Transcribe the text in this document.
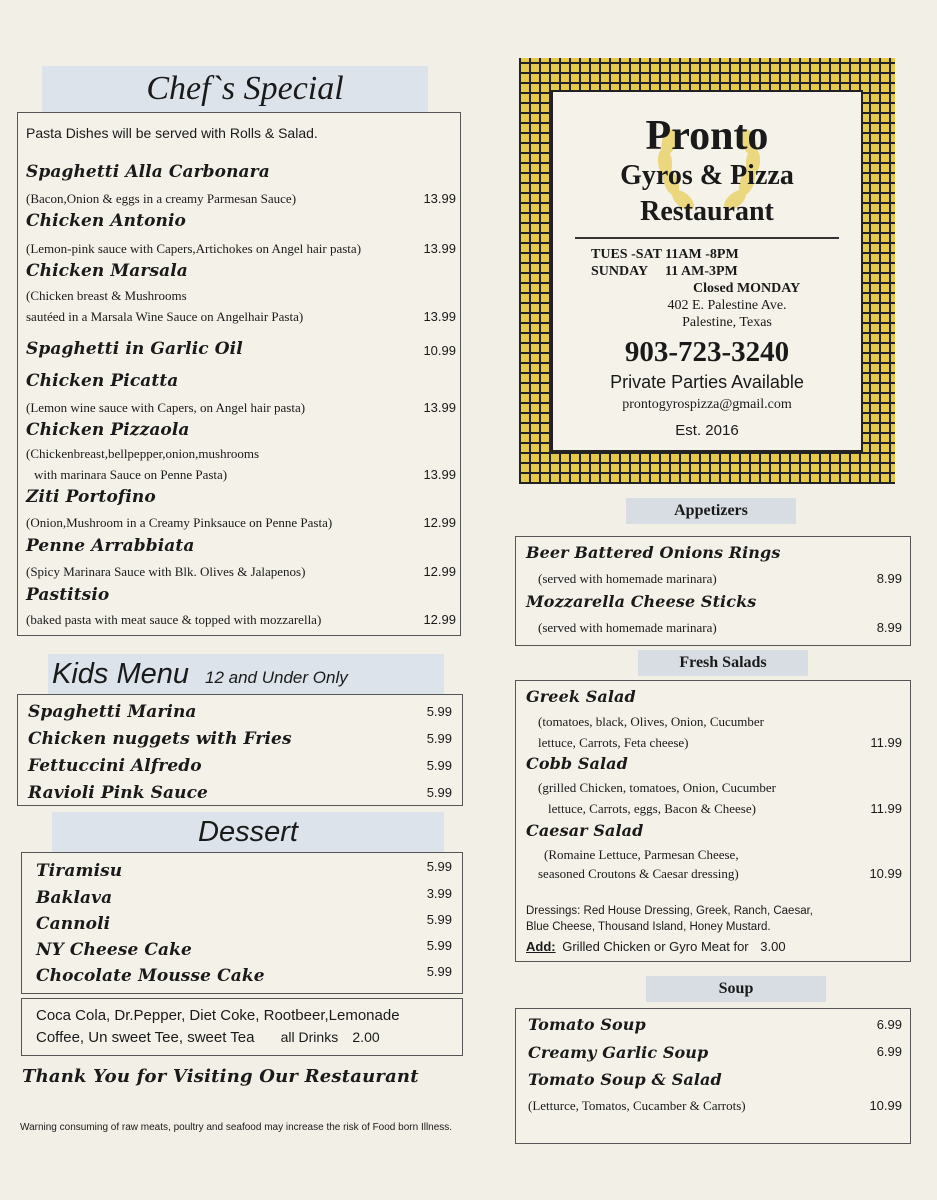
Chef`s Special
Pasta Dishes will be served with Rolls & Salad.
Spaghetti Alla Carbonara
(Bacon,Onion & eggs in a creamy Parmesan Sauce)	13.99
Chicken Antonio
(Lemon-pink sauce with Capers,Artichokes on Angel hair pasta)	13.99
Chicken Marsala
(Chicken breast & Mushrooms
sautéed in a Marsala Wine Sauce on Angelhair Pasta)	13.99
Spaghetti in Garlic Oil	10.99
Chicken Picatta
(Lemon wine sauce with Capers, on Angel hair pasta)	13.99
Chicken Pizzaola
(Chickenbreast,bellpepper,onion,mushrooms
with marinara Sauce on Penne Pasta)	13.99
Ziti Portofino
(Onion,Mushroom in a Creamy Pinksauce on Penne Pasta)	12.99
Penne Arrabbiata
(Spicy Marinara Sauce with Blk. Olives & Jalapenos)	12.99
Pastitsio
(baked pasta with meat sauce & topped with mozzarella)	12.99
Kids Menu 12 and Under Only
Spaghetti Marina	5.99
Chicken nuggets with Fries	5.99
Fettuccini Alfredo	5.99
Ravioli Pink Sauce	5.99
Dessert
Tiramisu	5.99
Baklava	3.99
Cannoli	5.99
NY Cheese Cake	5.99
Chocolate Mousse Cake	5.99
Coca Cola, Dr.Pepper, Diet Coke, Rootbeer,Lemonade
Coffee, Un sweet Tee, sweet Tea all Drinks 2.00
Thank You for Visiting Our Restaurant
Warning consuming of raw meats, poultry and seafood may increase the risk of Food born Illness.
Pronto
Gyros & Pizza
Restaurant
TUES -SAT 11AM -8PM
SUNDAY     11 AM-3PM
Closed MONDAY
402 E. Palestine Ave.
Palestine, Texas
903-723-3240
Private Parties Available
prontogyrospizza@gmail.com
Est. 2016
Appetizers
Beer Battered Onions Rings
(served with homemade marinara)	8.99
Mozzarella Cheese Sticks
(served with homemade marinara)	8.99
Fresh Salads
Greek Salad
(tomatoes, black, Olives, Onion, Cucumber
lettuce, Carrots, Feta cheese)	11.99
Cobb Salad
(grilled Chicken, tomatoes, Onion, Cucumber
lettuce, Carrots, eggs, Bacon & Cheese)	11.99
Caesar Salad
(Romaine Lettuce, Parmesan Cheese,
seasoned Croutons & Caesar dressing)	10.99
Dressings: Red House Dressing, Greek, Ranch, Caesar,
Blue Cheese, Thousand Island, Honey Mustard.
Add: Grilled Chicken or Gyro Meat for 3.00
Soup
Tomato Soup	6.99
Creamy Garlic Soup	6.99
Tomato Soup & Salad
(Letturce, Tomatos, Cucamber & Carrots)	10.99
